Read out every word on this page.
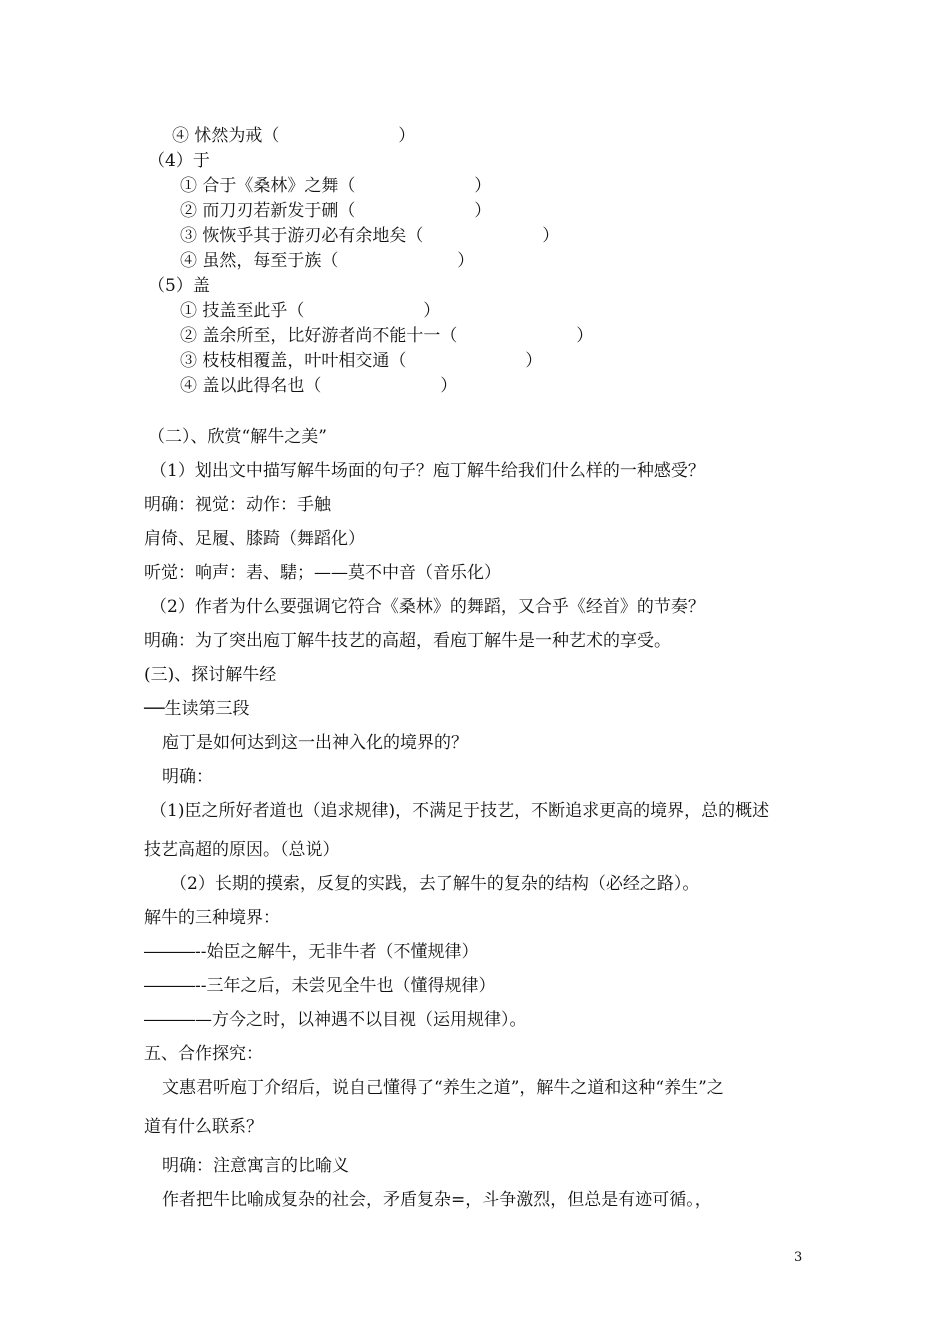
④ 怵然为戒（                      ）
（4）于
① 合于《桑林》之舞（                      ）
② 而刀刃若新发于硎（                      ）
③ 恢恢乎其于游刃必有余地矣（                      ）
④ 虽然，每至于族（                      ）
（5）盖
① 技盖至此乎（                      ）
② 盖余所至，比好游者尚不能十一（                      ）
③ 枝枝相覆盖，叶叶相交通（                      ）
④ 盖以此得名也（                      ）
（二）、欣赏“解牛之美”
（1）划出文中描写解牛场面的句子？庖丁解牛给我们什么样的一种感受？
明确：视觉：动作：手触
肩倚、足履、膝踦（舞蹈化）
听觉：响声：砉、騞；——莫不中音（音乐化）
（2）作者为什么要强调它符合《桑林》的舞蹈，又合乎《经首》的节奏？
明确：为了突出庖丁解牛技艺的高超，看庖丁解牛是一种艺术的享受。
(三)、探讨解牛经
──生读第三段
庖丁是如何达到这一出神入化的境界的？
明确：
（1)臣之所好者道也（追求规律)，不满足于技艺，不断追求更高的境界，总的概述
技艺高超的原因。（总说）
（2）长期的摸索，反复的实践，去了解牛的复杂的结构（必经之路）。
解牛的三种境界：
―――--始臣之解牛，无非牛者（不懂规律）
―――--三年之后，未尝见全牛也（懂得规律）
―――—方今之时，以神遇不以目视（运用规律）。
五、合作探究：
文惠君听庖丁介绍后，说自己懂得了“养生之道”，解牛之道和这种“养生”之
道有什么联系？
明确：注意寓言的比喻义
作者把牛比喻成复杂的社会，矛盾复杂=，斗争激烈，但总是有迹可循。，
3
